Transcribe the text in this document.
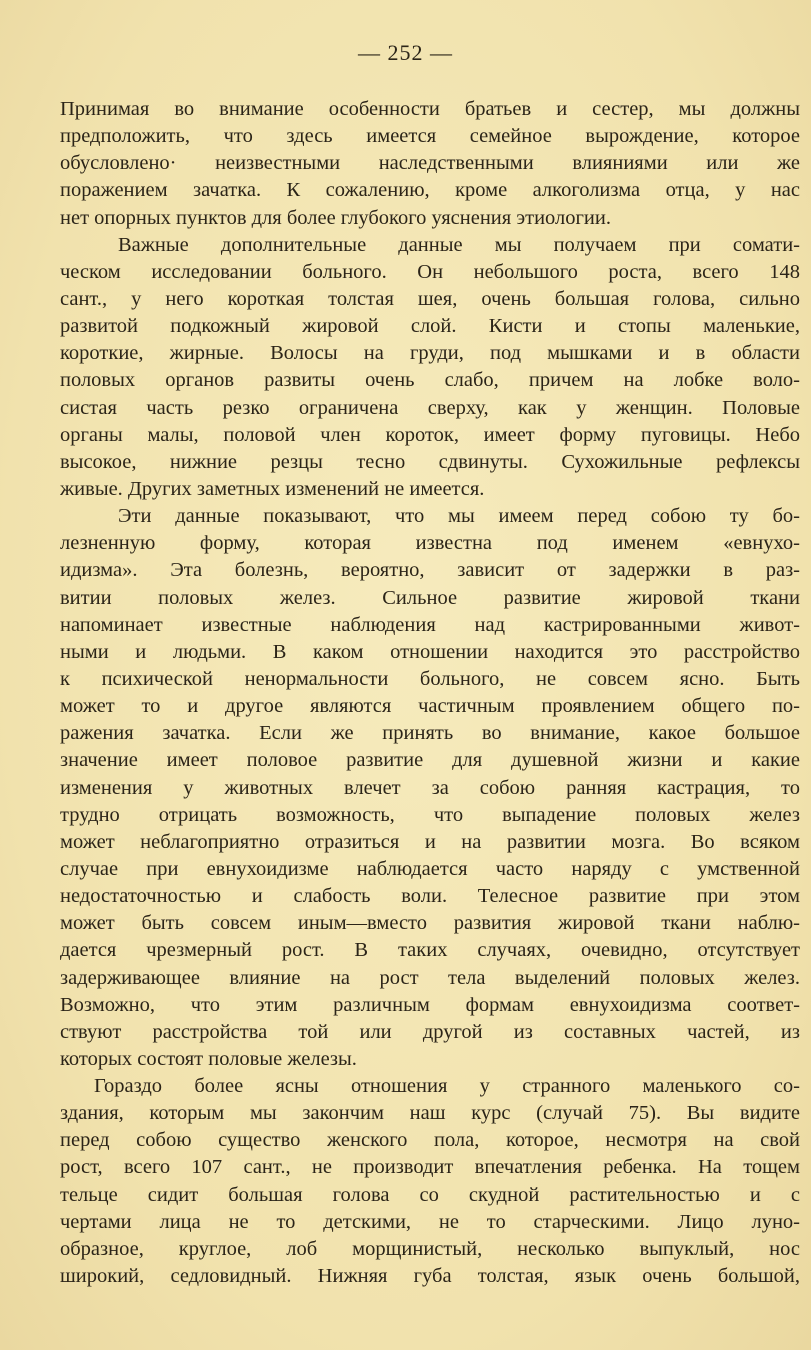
— 252 —
Принимая во внимание особенности братьев и сестер, мы должны
предположить, что здесь имеется семейное вырождение, которое
обусловлено· неизвестными наследственными влияниями или же
поражением зачатка. К сожалению, кроме алкоголизма отца, у нас
нет опорных пунктов для более глубокого уяснения этиологии.
Важные дополнительные данные мы получаем при сомати-
ческом исследовании больного. Он небольшого роста, всего 148
сант., у него короткая толстая шея, очень большая голова, сильно
развитой подкожный жировой слой. Кисти и стопы маленькие,
короткие, жирные. Волосы на груди, под мышками и в области
половых органов развиты очень слабо, причем на лобке воло-
систая часть резко ограничена сверху, как у женщин. Половые
органы малы, половой член короток, имеет форму пуговицы. Небо
высокое, нижние резцы тесно сдвинуты. Сухожильные рефлексы
живые. Других заметных изменений не имеется.
Эти данные показывают, что мы имеем перед собою ту бо-
лезненную форму, которая известна под именем «евнухо-
идизма». Эта болезнь, вероятно, зависит от задержки в раз-
витии половых желез. Сильное развитие жировой ткани
напоминает известные наблюдения над кастрированными живот-
ными и людьми. В каком отношении находится это расстройство
к психической ненормальности больного, не совсем ясно. Быть
может то и другое являются частичным проявлением общего по-
ражения зачатка. Если же принять во внимание, какое большое
значение имеет половое развитие для душевной жизни и какие
изменения у животных влечет за собою ранняя кастрация, то
трудно отрицать возможность, что выпадение половых желез
может неблагоприятно отразиться и на развитии мозга. Во всяком
случае при евнухоидизме наблюдается часто наряду с умственной
недостаточностью и слабость воли. Телесное развитие при этом
может быть совсем иным—вместо развития жировой ткани наблю-
дается чрезмерный рост. В таких случаях, очевидно, отсутствует
задерживающее влияние на рост тела выделений половых желез.
Возможно, что этим различным формам евнухоидизма соответ-
ствуют расстройства той или другой из составных частей, из
которых состоят половые железы.
Гораздо более ясны отношения у странного маленького со-
здания, которым мы закончим наш курс (случай 75). Вы видите
перед собою существо женского пола, которое, несмотря на свой
рост, всего 107 сант., не производит впечатления ребенка. На тощем
тельце сидит большая голова со скудной растительностью и с
чертами лица не то детскими, не то старческими. Лицо луно-
образное, круглое, лоб морщинистый, несколько выпуклый, нос
широкий, седловидный. Нижняя губа толстая, язык очень большой,
